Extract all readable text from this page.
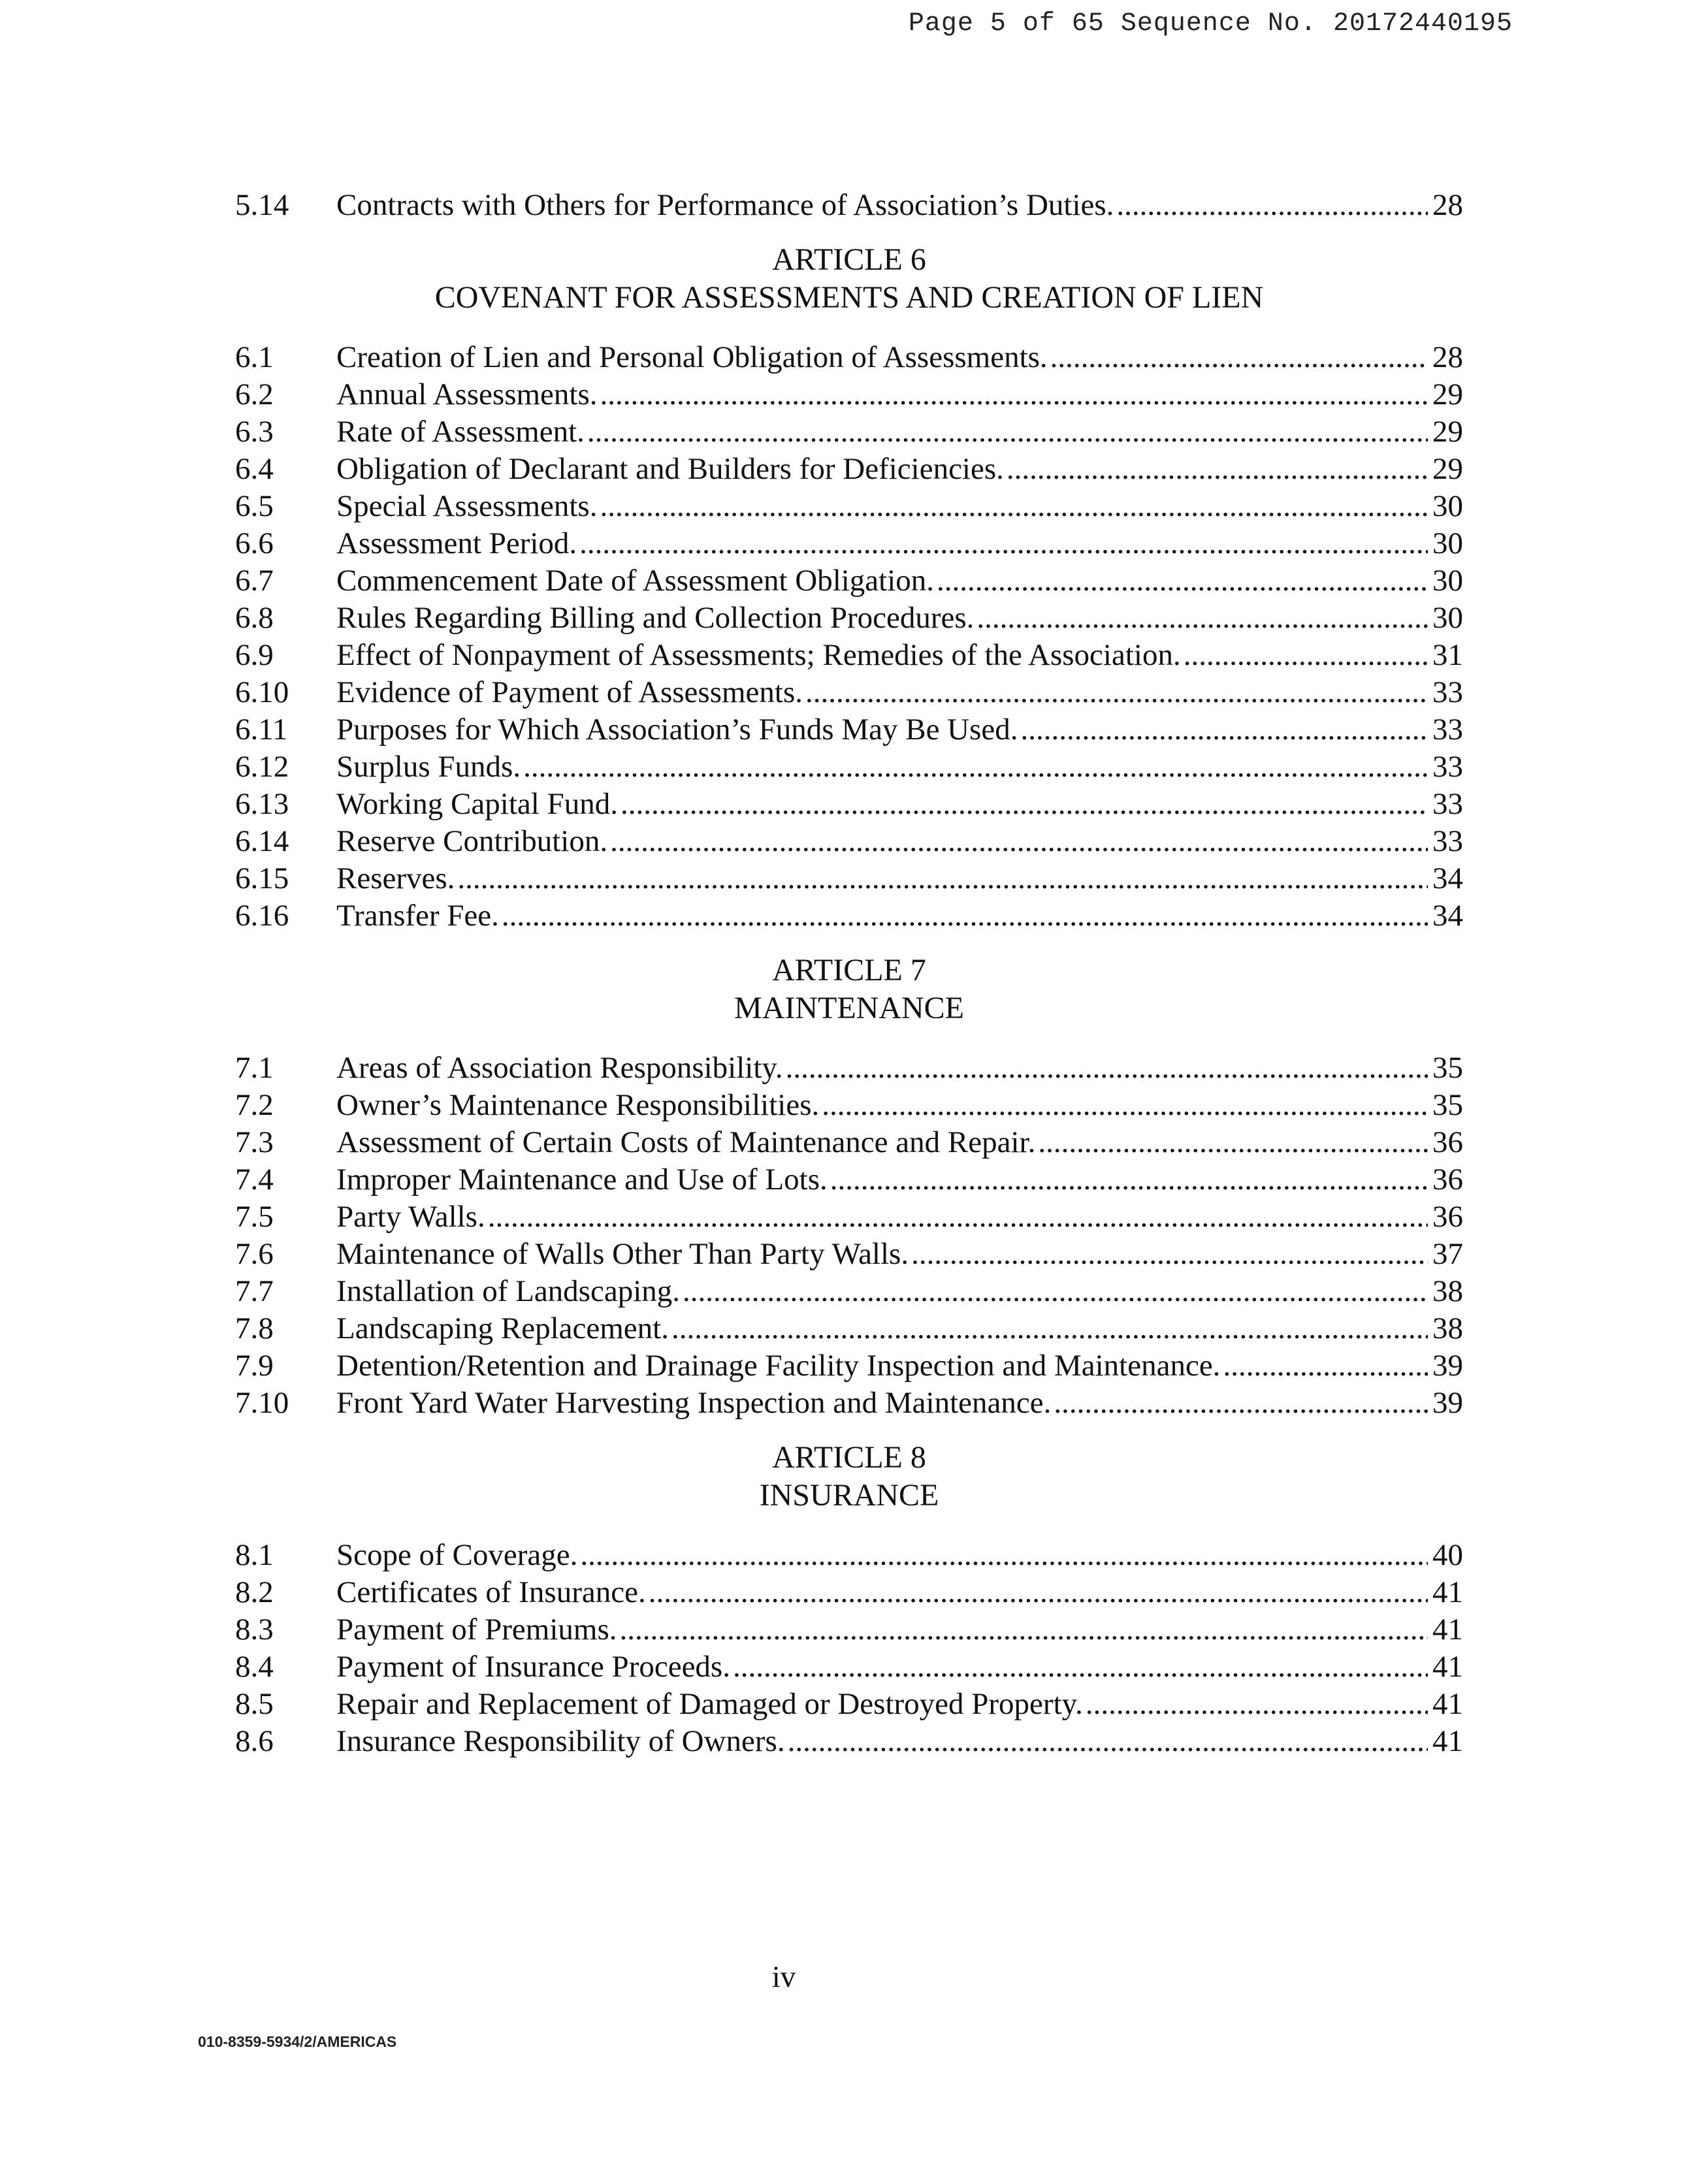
Page 5 of 65 Sequence No. 20172440195
5.14	Contracts with Others for Performance of Association’s Duties. .....	28
ARTICLE 6
COVENANT FOR ASSESSMENTS AND CREATION OF LIEN
6.1	Creation of Lien and Personal Obligation of Assessments. .....	28
6.2	Annual Assessments. .....	29
6.3	Rate of Assessment. .....	29
6.4	Obligation of Declarant and Builders for Deficiencies. .....	29
6.5	Special Assessments. .....	30
6.6	Assessment Period. .....	30
6.7	Commencement Date of Assessment Obligation. .....	30
6.8	Rules Regarding Billing and Collection Procedures. .....	30
6.9	Effect of Nonpayment of Assessments; Remedies of the Association. .....	31
6.10	Evidence of Payment of Assessments. .....	33
6.11	Purposes for Which Association’s Funds May Be Used. .....	33
6.12	Surplus Funds. .....	33
6.13	Working Capital Fund. .....	33
6.14	Reserve Contribution. .....	33
6.15	Reserves. .....	34
6.16	Transfer Fee. .....	34
ARTICLE 7
MAINTENANCE
7.1	Areas of Association Responsibility. .....	35
7.2	Owner’s Maintenance Responsibilities. .....	35
7.3	Assessment of Certain Costs of Maintenance and Repair. .....	36
7.4	Improper Maintenance and Use of Lots. .....	36
7.5	Party Walls. .....	36
7.6	Maintenance of Walls Other Than Party Walls. .....	37
7.7	Installation of Landscaping. .....	38
7.8	Landscaping Replacement. .....	38
7.9	Detention/Retention and Drainage Facility Inspection and Maintenance. .....	39
7.10	Front Yard Water Harvesting Inspection and Maintenance. .....	39
ARTICLE 8
INSURANCE
8.1	Scope of Coverage. .....	40
8.2	Certificates of Insurance. .....	41
8.3	Payment of Premiums. .....	41
8.4	Payment of Insurance Proceeds. .....	41
8.5	Repair and Replacement of Damaged or Destroyed Property. .....	41
8.6	Insurance Responsibility of Owners. .....	41
iv
010-8359-5934/2/AMERICAS
